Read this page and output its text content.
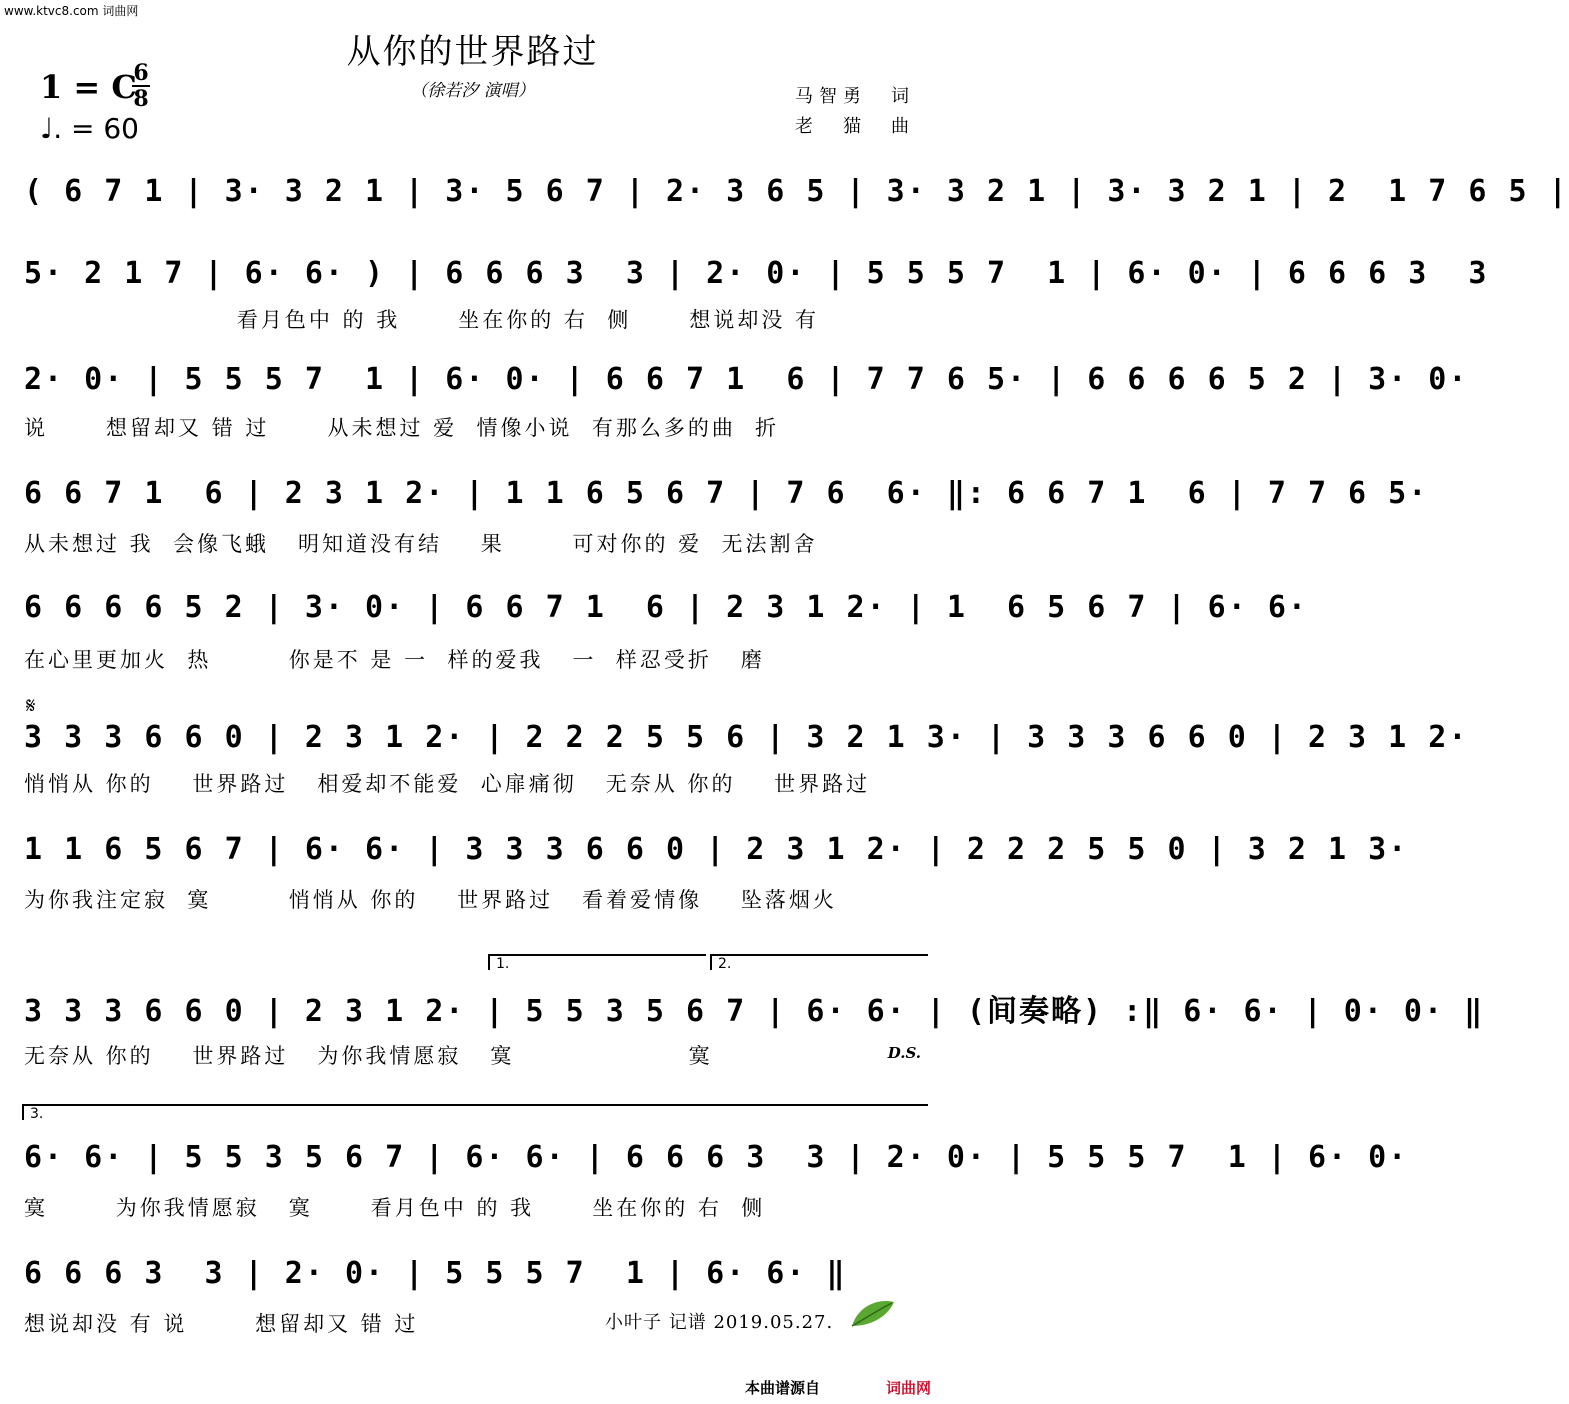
www.ktvc8.com 词曲网
从你的世界路过
（徐若汐 演唱）
1 = C
6
8
♩. = 60
马智勇　词
老　猫　曲
( 6 7 1 | 3· 3 2 1 | 3· 5 6 7 | 2· 3 6 5 | 3· 3 2 1 | 3· 3 2 1 | 2  1 7 6 5 |
5· 2 1 7 | 6· 6· ) | 6 6 6 3  3 | 2· 0· | 5 5 5 7  1 | 6· 0· | 6 6 6 3  3
看月色中 的 我      坐在你的 右  侧      想说却没 有
2· 0· | 5 5 5 7  1 | 6· 0· | 6 6 7 1  6 | 7 7 6 5· | 6 6 6 6 5 2 | 3· 0·
说      想留却又 错 过      从未想过 爱  情像小说  有那么多的曲  折
6 6 7 1  6 | 2 3 1 2· | 1 1 6 5 6 7 | 7 6  6· ‖: 6 6 7 1  6 | 7 7 6 5·
从未想过 我  会像飞蛾   明知道没有结    果       可对你的 爱  无法割舍
6 6 6 6 5 2 | 3· 0· | 6 6 7 1  6 | 2 3 1 2· | 1  6 5 6 7 | 6· 6·
在心里更加火  热        你是不 是 一  样的爱我   一  样忍受折   磨
𝄋
3 3 3 6 6 0 | 2 3 1 2· | 2 2 2 5 5 6 | 3 2 1 3· | 3 3 3 6 6 0 | 2 3 1 2·
悄悄从 你的    世界路过   相爱却不能爱  心扉痛彻   无奈从 你的    世界路过
1 1 6 5 6 7 | 6· 6· | 3 3 3 6 6 0 | 2 3 1 2· | 2 2 2 5 5 0 | 3 2 1 3·
为你我注定寂  寞        悄悄从 你的    世界路过   看着爱情像    坠落烟火
1.	2.
3 3 3 6 6 0 | 2 3 1 2· | 5 5 3 5 6 7 | 6· 6· | (间奏略) :‖ 6· 6· | 0· 0· ‖
无奈从 你的    世界路过   为你我情愿寂   寞                  寞	D.S.
3.
6· 6· | 5 5 3 5 6 7 | 6· 6· | 6 6 6 3  3 | 2· 0· | 5 5 5 7  1 | 6· 0·
寞       为你我情愿寂   寞      看月色中 的 我      坐在你的 右  侧
6 6 6 3  3 | 2· 0· | 5 5 5 7  1 | 6· 6· ‖
想说却没 有 说       想留却又 错 过	小叶子 记谱 2019.05.27.
本曲谱源自	词曲网
